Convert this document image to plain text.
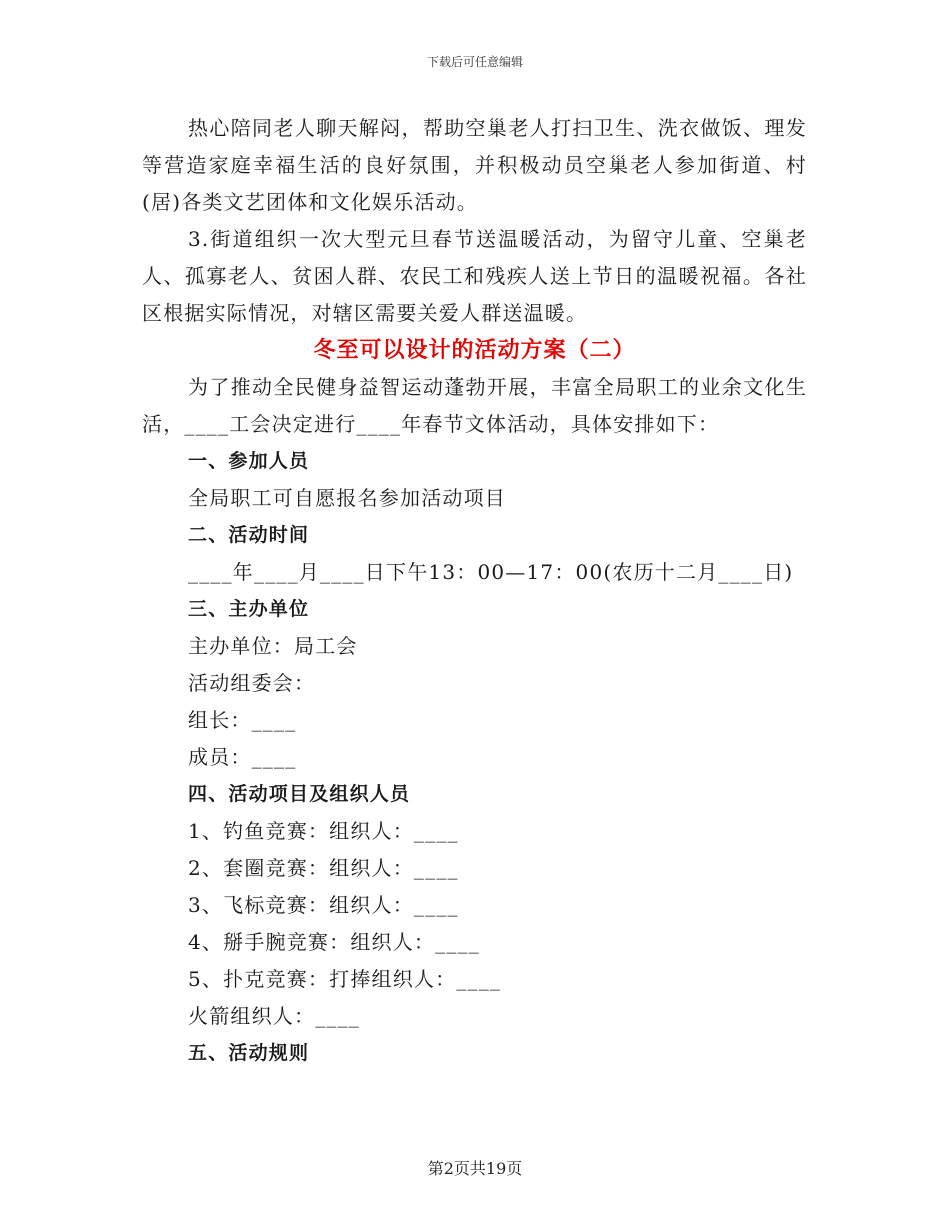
下载后可任意编辑

热心陪同老人聊天解闷，帮助空巢老人打扫卫生、洗衣做饭、理发等营造家庭幸福生活的良好氛围，并积极动员空巢老人参加街道、村(居)各类文艺团体和文化娱乐活动。

3.街道组织一次大型元旦春节送温暖活动，为留守儿童、空巢老人、孤寡老人、贫困人群、农民工和残疾人送上节日的温暖祝福。各社区根据实际情况，对辖区需要关爱人群送温暖。

冬至可以设计的活动方案（二）

为了推动全民健身益智运动蓬勃开展，丰富全局职工的业余文化生活，____工会决定进行____年春节文体活动，具体安排如下：

一、参加人员

全局职工可自愿报名参加活动项目

二、活动时间

____年____月____日下午13：00—17：00(农历十二月____日)

三、主办单位

主办单位：局工会

活动组委会：

组长：____

成员：____

四、活动项目及组织人员

1、钓鱼竞赛：组织人：____

2、套圈竞赛：组织人：____

3、飞标竞赛：组织人：____

4、掰手腕竞赛：组织人：____

5、扑克竞赛：打捧组织人：____

火箭组织人：____

五、活动规则

第2页共19页
